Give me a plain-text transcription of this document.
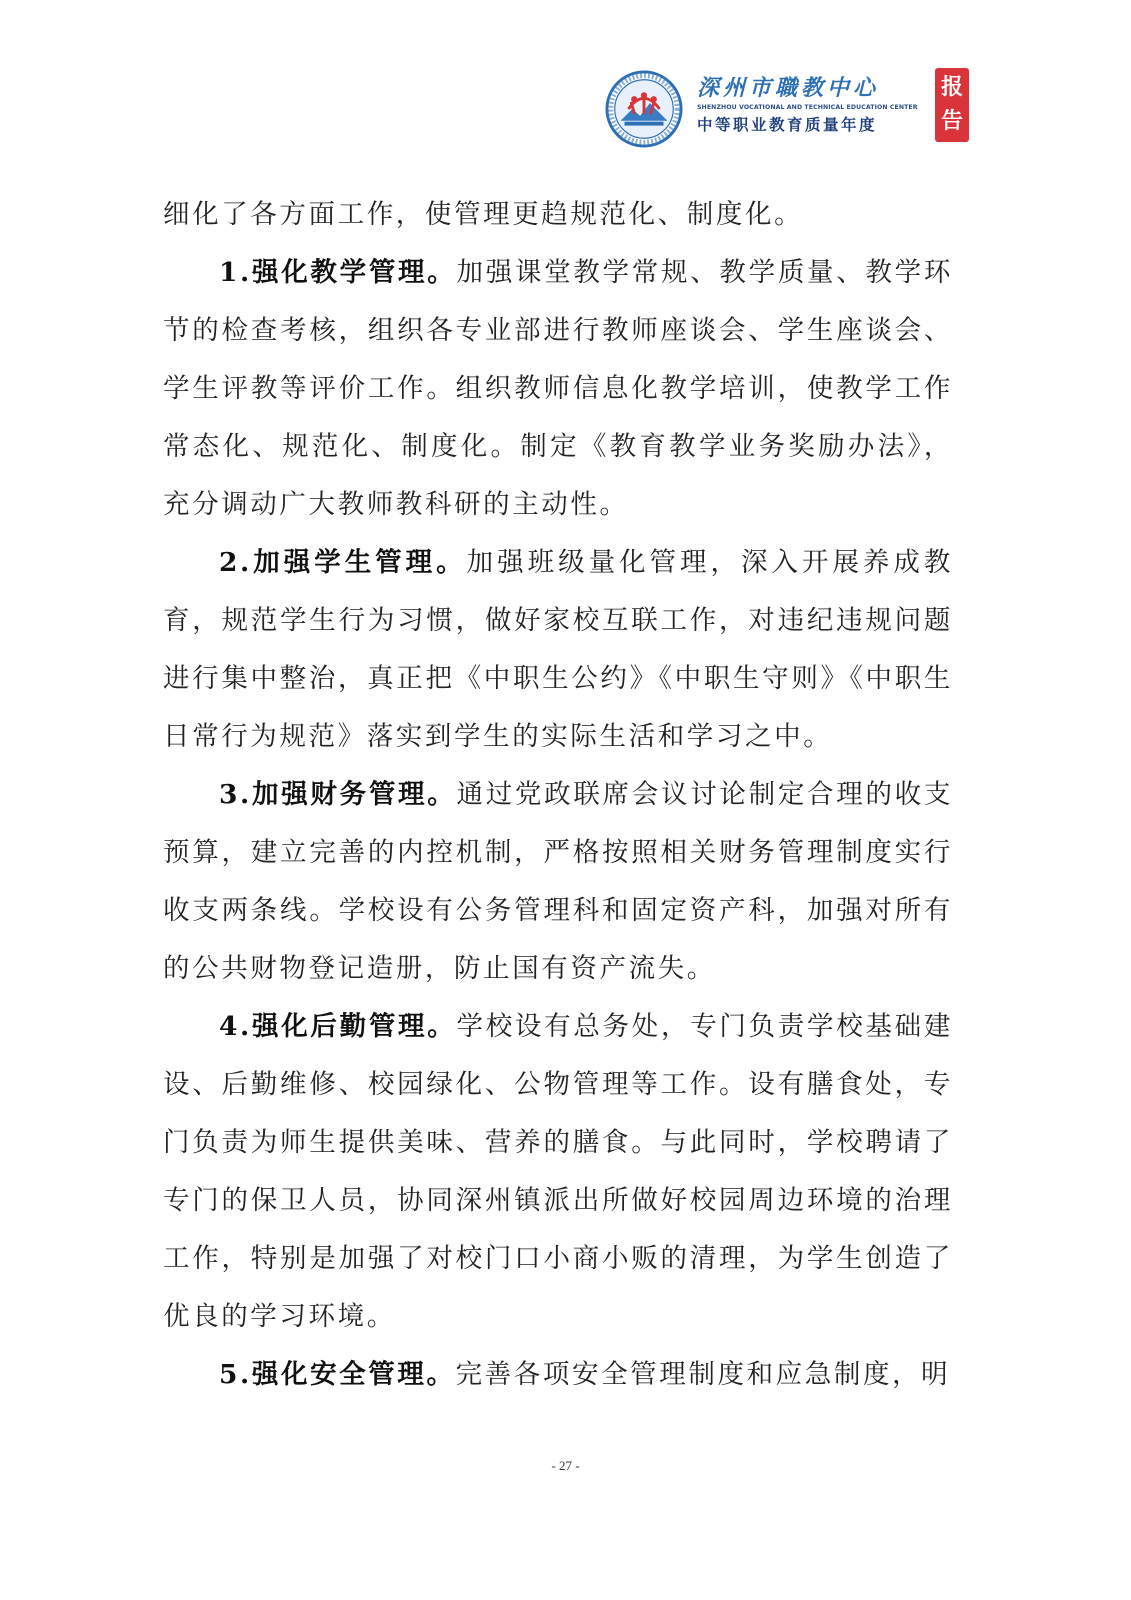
深州市職教中心
SHENZHOU VOCATIONAL AND TECHNICAL EDUCATION CENTER
中等职业教育质量年度
报
告

细化了各方面工作，使管理更趋规范化、制度化。

1.强化教学管理。加强课堂教学常规、教学质量、教学环节的检查考核，组织各专业部进行教师座谈会、学生座谈会、学生评教等评价工作。组织教师信息化教学培训，使教学工作常态化、规范化、制度化。制定《教育教学业务奖励办法》，充分调动广大教师教科研的主动性。

2.加强学生管理。加强班级量化管理，深入开展养成教育，规范学生行为习惯，做好家校互联工作，对违纪违规问题进行集中整治，真正把《中职生公约》《中职生守则》《中职生日常行为规范》落实到学生的实际生活和学习之中。

3.加强财务管理。通过党政联席会议讨论制定合理的收支预算，建立完善的内控机制，严格按照相关财务管理制度实行收支两条线。学校设有公务管理科和固定资产科，加强对所有的公共财物登记造册，防止国有资产流失。

4.强化后勤管理。学校设有总务处，专门负责学校基础建设、后勤维修、校园绿化、公物管理等工作。设有膳食处，专门负责为师生提供美味、营养的膳食。与此同时，学校聘请了专门的保卫人员，协同深州镇派出所做好校园周边环境的治理工作，特别是加强了对校门口小商小贩的清理，为学生创造了优良的学习环境。

5.强化安全管理。完善各项安全管理制度和应急制度，明

- 27 -
